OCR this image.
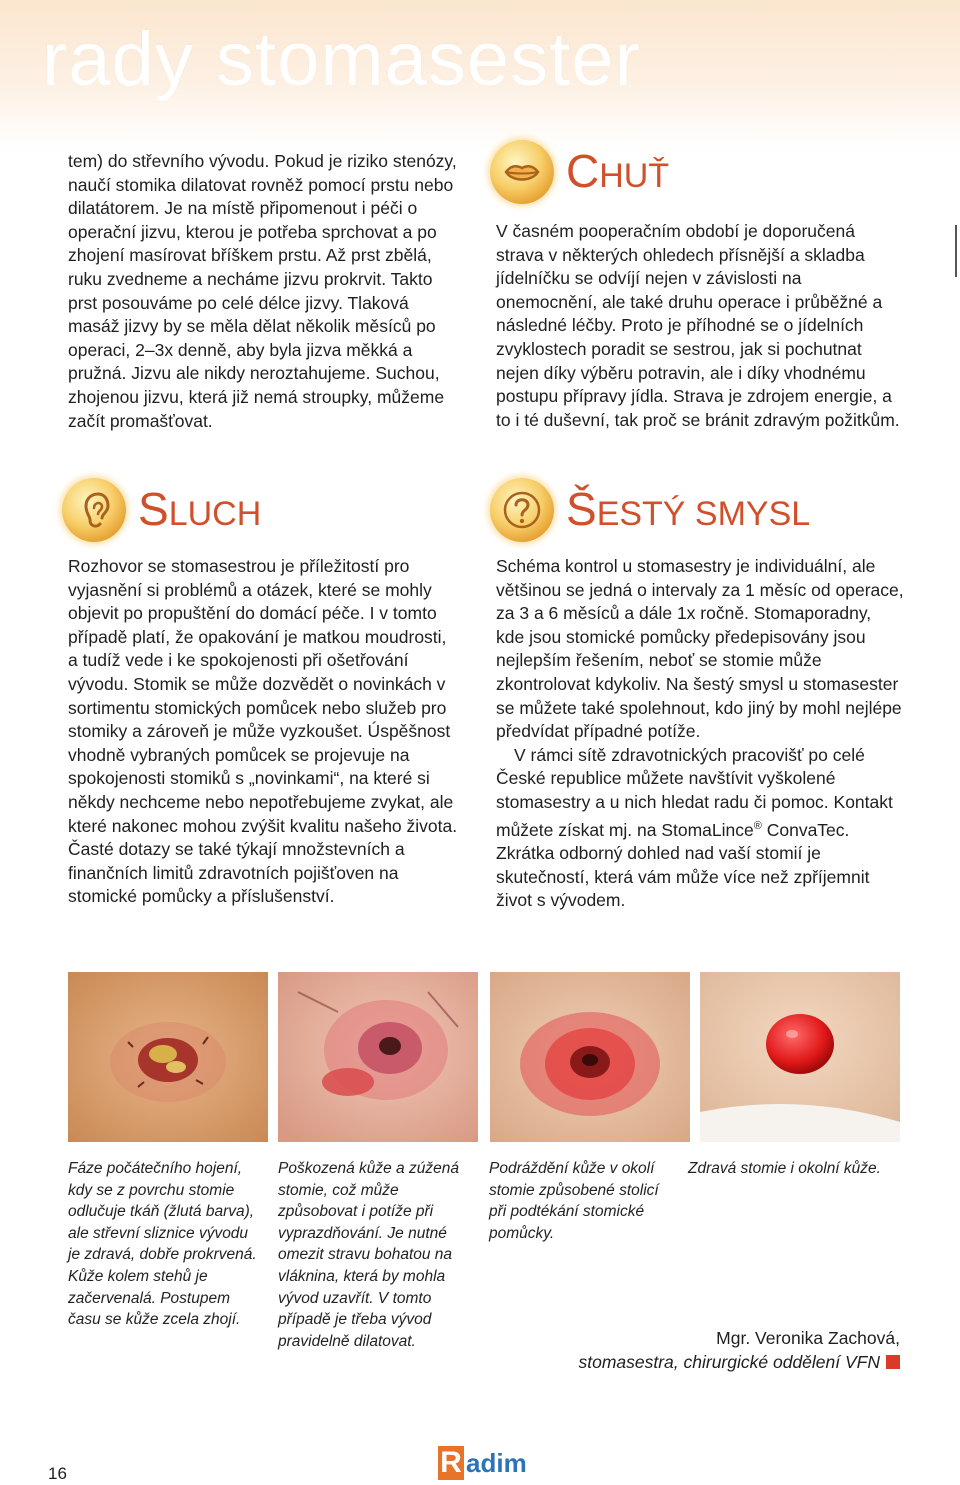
rady stomasester

tem) do střevního vývodu. Pokud je riziko stenózy, naučí stomika dilatovat rovněž pomocí prstu nebo dilatátorem. Je na místě připomenout i péči o operační jizvu, kterou je potřeba sprchovat a po zhojení masírovat bříškem prstu. Až prst zbělá, ruku zvedneme a necháme jizvu prokrvit. Takto prst posouváme po celé délce jizvy. Tlaková masáž jizvy by se měla dělat několik měsíců po operaci, 2–3x denně, aby byla jizva měkká a pružná. Jizvu ale nikdy neroztahujeme. Suchou, zhojenou jizvu, která již nemá stroupky, můžeme začít promašťovat.

SLUCH

Rozhovor se stomasestrou je příležitostí pro vyjasnění si problémů a otázek, které se mohly objevit po propuštění do domácí péče. I v tomto případě platí, že opakování je matkou moudrosti, a tudíž vede i ke spokojenosti při ošetřování vývodu. Stomik se může dozvědět o novinkách v sortimentu stomických pomůcek nebo služeb pro stomiky a zároveň je může vyzkoušet. Úspěšnost vhodně vybraných pomůcek se projevuje na spokojenosti stomiků s „novinkami“, na které si někdy nechceme nebo nepotřebujeme zvykat, ale které nakonec mohou zvýšit kvalitu našeho života. Časté dotazy se také týkají množstevních a finančních limitů zdravotních pojišťoven na stomické pomůcky a příslušenství.

CHUŤ

V časném pooperačním období je doporučená strava v některých ohledech přísnější a skladba jídelníčku se odvíjí nejen v závislosti na onemocnění, ale také druhu operace i průběžné a následné léčby. Proto je příhodné se o jídelních zvyklostech poradit se sestrou, jak si pochutnat nejen díky výběru potravin, ale i díky vhodnému postupu přípravy jídla. Strava je zdrojem energie, a to i té duševní, tak proč se bránit zdravým požitkům.

ŠESTÝ SMYSL

Schéma kontrol u stomasestry je individuální, ale většinou se jedná o intervaly za 1 měsíc od operace, za 3 a 6 měsíců a dále 1x ročně. Stomaporadny, kde jsou stomické pomůcky předepisovány jsou nejlepším řešením, neboť se stomie může zkontrolovat kdykoliv. Na šestý smysl u stomasester se můžete také spolehnout, kdo jiný by mohl nejlépe předvídat případné potíže.

V rámci sítě zdravotnických pracovišť po celé České republice můžete navštívit vyškolené stomasestry a u nich hledat radu či pomoc. Kontakt můžete získat mj. na StomaLince® ConvaTec. Zkrátka odborný dohled nad vaší stomií je skutečností, která vám může více než zpříjemnit život s vývodem.

Fáze počátečního hojení, kdy se z povrchu stomie odlučuje tkáň (žlutá barva), ale střevní sliznice vývodu je zdravá, dobře prokrvená. Kůže kolem stehů je začervenalá. Postupem času se kůže zcela zhojí.
Poškozená kůže a zúžená stomie, což může způsobovat i potíže při vyprazdňování. Je nutné omezit stravu bohatou na vláknina, která by mohla vývod uzavřít. V tomto případě je třeba vývod pravidelně dilatovat.
Podráždění kůže v okolí stomie způsobené stolicí při podtékání stomické pomůcky.
Zdravá stomie i okolní kůže.
Mgr. Veronika Zachová,
stomasestra, chirurgické oddělení VFN
16	R adim
